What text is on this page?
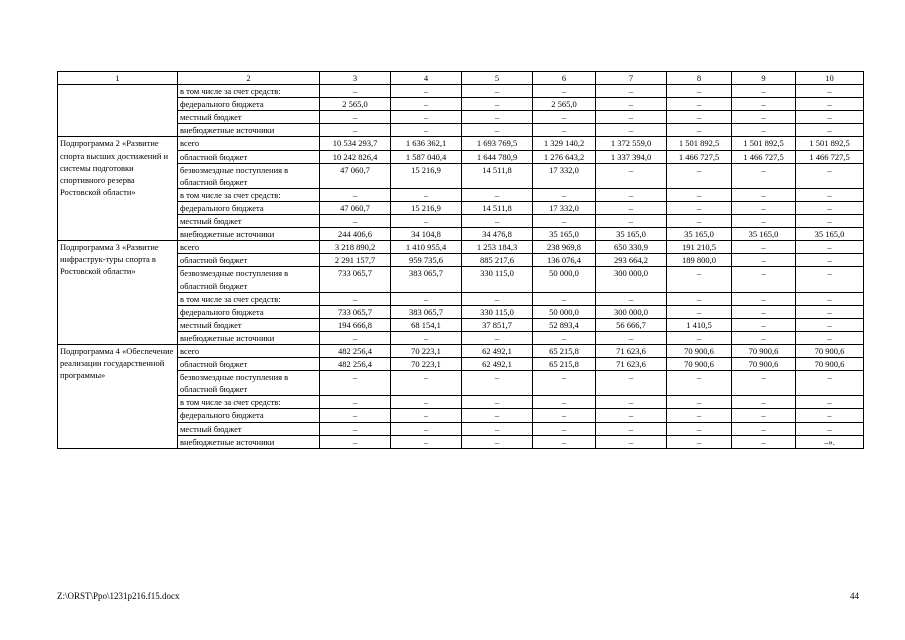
1	2	3	4	5	6	7	8	9	10
	в том числе за счет средств:	–	–	–	–	–	–	–	–
	федерального бюджета	2 565,0	–	–	2 565,0	–	–	–	–
	местный бюджет	–	–	–	–	–	–	–	–
	внебюджетные источники	–	–	–	–	–	–	–	–
Подпрограмма 2 «Развитие спорта высших достижений и системы подготовки спортивного резерва Ростовской области»	всего	10 534 293,7	1 636 362,1	1 693 769,5	1 329 140,2	1 372 559,0	1 501 892,5	1 501 892,5	1 501 892,5
	областной бюджет	10 242 826,4	1 587 040,4	1 644 780,9	1 276 643,2	1 337 394,0	1 466 727,5	1 466 727,5	1 466 727,5
	безвозмездные поступления в областной бюджет	47 060,7	15 216,9	14 511,8	17 332,0	–	–	–	–
	в том числе за счет средств:	–	–	–	–	–	–	–	–
	федерального бюджета	47 060,7	15 216,9	14 511,8	17 332,0	–	–	–	–
	местный бюджет	–	–	–	–	–	–	–	–
	внебюджетные источники	244 406,6	34 104,8	34 476,8	35 165,0	35 165,0	35 165,0	35 165,0	35 165,0
Подпрограмма 3 «Развитие инфраструк-туры спорта в Ростовской области»	всего	3 218 890,2	1 410 955,4	1 253 184,3	238 969,8	650 330,9	191 210,5	–	–
	областной бюджет	2 291 157,7	959 735,6	885 217,6	136 076,4	293 664,2	189 800,0	–	–
	безвозмездные поступления в областной бюджет	733 065,7	383 065,7	330 115,0	50 000,0	300 000,0	–	–	–
	в том числе за счет средств:	–	–	–	–	–	–	–	–
	федерального бюджета	733 065,7	383 065,7	330 115,0	50 000,0	300 000,0	–	–	–
	местный бюджет	194 666,8	68 154,1	37 851,7	52 893,4	56 666,7	1 410,5	–	–
	внебюджетные источники	–	–	–	–	–	–	–	–
Подпрограмма 4 «Обеспечение реализации государственной программы»	всего	482 256,4	70 223,1	62 492,1	65 215,8	71 623,6	70 900,6	70 900,6	70 900,6
	областной бюджет	482 256,4	70 223,1	62 492,1	65 215,8	71 623,6	70 900,6	70 900,6	70 900,6
	безвозмездные поступления в областной бюджет	–	–	–	–	–	–	–	–
	в том числе за счет средств:	–	–	–	–	–	–	–	–
	федерального бюджета	–	–	–	–	–	–	–	–
	местный бюджет	–	–	–	–	–	–	–	–
	внебюджетные источники	–	–	–	–	–	–	–	–».
Z:\ORST\Ppo\1231p216.f15.docx	44
